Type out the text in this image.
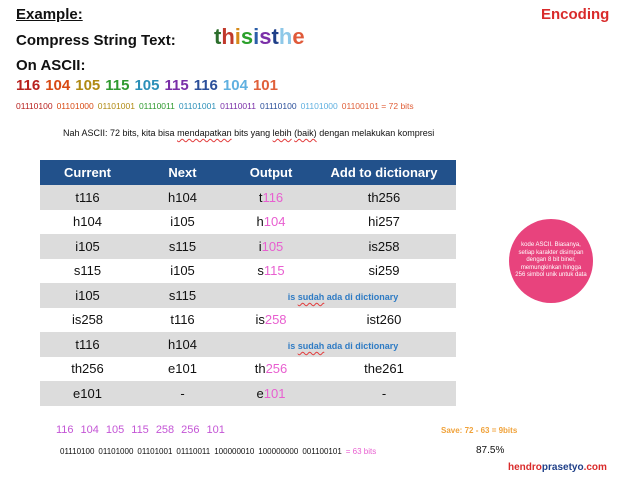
Example:	Encoding
Compress String Text: thisisthe
On ASCII:
116 104 105 115 105 115 116 104 101
01110100 01101000 01101001 01110011 01101001 01110011 01110100 01101000 01100101 = 72 bits
Nah ASCII: 72 bits, kita bisa mendapatkan bits yang lebih (baik) dengan melakukan kompresi
Current	Next	Output	Add to dictionary
t116	h104	t116	th256
h104	i105	h104	hi257
i105	s115	i105	is258
s115	i105	s115	si259
i105	s115	is sudah ada di dictionary	
is258	t116	is258	ist260
t116	h104	is sudah ada di dictionary	
th256	e101	th256	the261
e101	-	e101	-
kode ASCII. Biasanya, setiap karakter disimpan dengan 8 bit biner, memungkinkan hingga 256 simbol unik untuk data
116 104 105 115 258 256 101	Save: 72 - 63 = 9bits
01110100 01101000 01101001 01110011 100000010 100000000 001100101 = 63 bits	87.5%
hendroprasetyo.com
